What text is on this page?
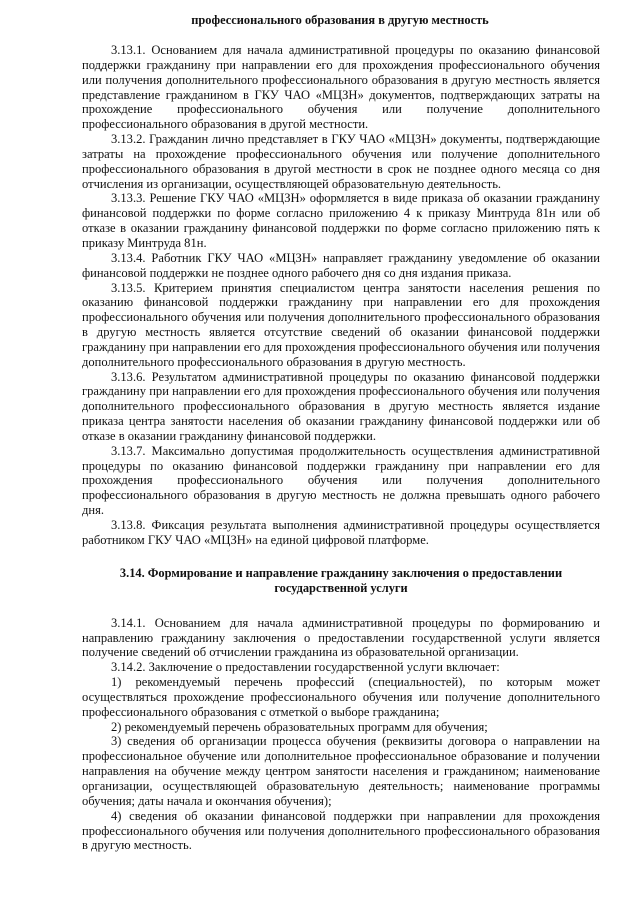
профессионального образования в другую местность

3.13.1. Основанием для начала административной процедуры по оказанию финансовой поддержки гражданину при направлении его для прохождения профессионального обучения или получения дополнительного профессионального образования в другую местность является представление гражданином в ГКУ ЧАО «МЦЗН» документов, подтверждающих затраты на прохождение профессионального обучения или получение дополнительного профессионального образования в другой местности.

3.13.2. Гражданин лично представляет в ГКУ ЧАО «МЦЗН» документы, подтверждающие затраты на прохождение профессионального обучения или получение дополнительного профессионального образования в другой местности в срок не позднее одного месяца со дня отчисления из организации, осуществляющей образовательную деятельность.

3.13.3. Решение ГКУ ЧАО «МЦЗН» оформляется в виде приказа об оказании гражданину финансовой поддержки по форме согласно приложению 4 к приказу Минтруда 81н или об отказе в оказании гражданину финансовой поддержки по форме согласно приложению пять к приказу Минтруда 81н.

3.13.4. Работник ГКУ ЧАО «МЦЗН» направляет гражданину уведомление об оказании финансовой поддержки не позднее одного рабочего дня со дня издания приказа.

3.13.5. Критерием принятия специалистом центра занятости населения решения по оказанию финансовой поддержки гражданину при направлении его для прохождения профессионального обучения или получения дополнительного профессионального образования в другую местность является отсутствие сведений об оказании финансовой поддержки гражданину при направлении его для прохождения профессионального обучения или получения дополнительного профессионального образования в другую местность.

3.13.6. Результатом административной процедуры по оказанию финансовой поддержки гражданину при направлении его для прохождения профессионального обучения или получения дополнительного профессионального образования в другую местность является издание приказа центра занятости населения об оказании гражданину финансовой поддержки или об отказе в оказании гражданину финансовой поддержки.

3.13.7. Максимально допустимая продолжительность осуществления административной процедуры по оказанию финансовой поддержки гражданину при направлении его для прохождения профессионального обучения или получения дополнительного профессионального образования в другую местность не должна превышать одного рабочего дня.

3.13.8. Фиксация результата выполнения административной процедуры осуществляется работником ГКУ ЧАО «МЦЗН» на единой цифровой платформе.

3.14. Формирование и направление гражданину заключения о предоставлении государственной услуги

3.14.1. Основанием для начала административной процедуры по формированию и направлению гражданину заключения о предоставлении государственной услуги является получение сведений об отчислении гражданина из образовательной организации.

3.14.2. Заключение о предоставлении государственной услуги включает:

1) рекомендуемый перечень профессий (специальностей), по которым может осуществляться прохождение профессионального обучения или получение дополнительного профессионального образования с отметкой о выборе гражданина;

2) рекомендуемый перечень образовательных программ для обучения;

3) сведения об организации процесса обучения (реквизиты договора о направлении на профессиональное обучение или дополнительное профессиональное образование и получении направления на обучение между центром занятости населения и гражданином; наименование организации, осуществляющей образовательную деятельность; наименование программы обучения; даты начала и окончания обучения);

4) сведения об оказании финансовой поддержки при направлении для прохождения профессионального обучения или получения дополнительного профессионального образования в другую местность.
